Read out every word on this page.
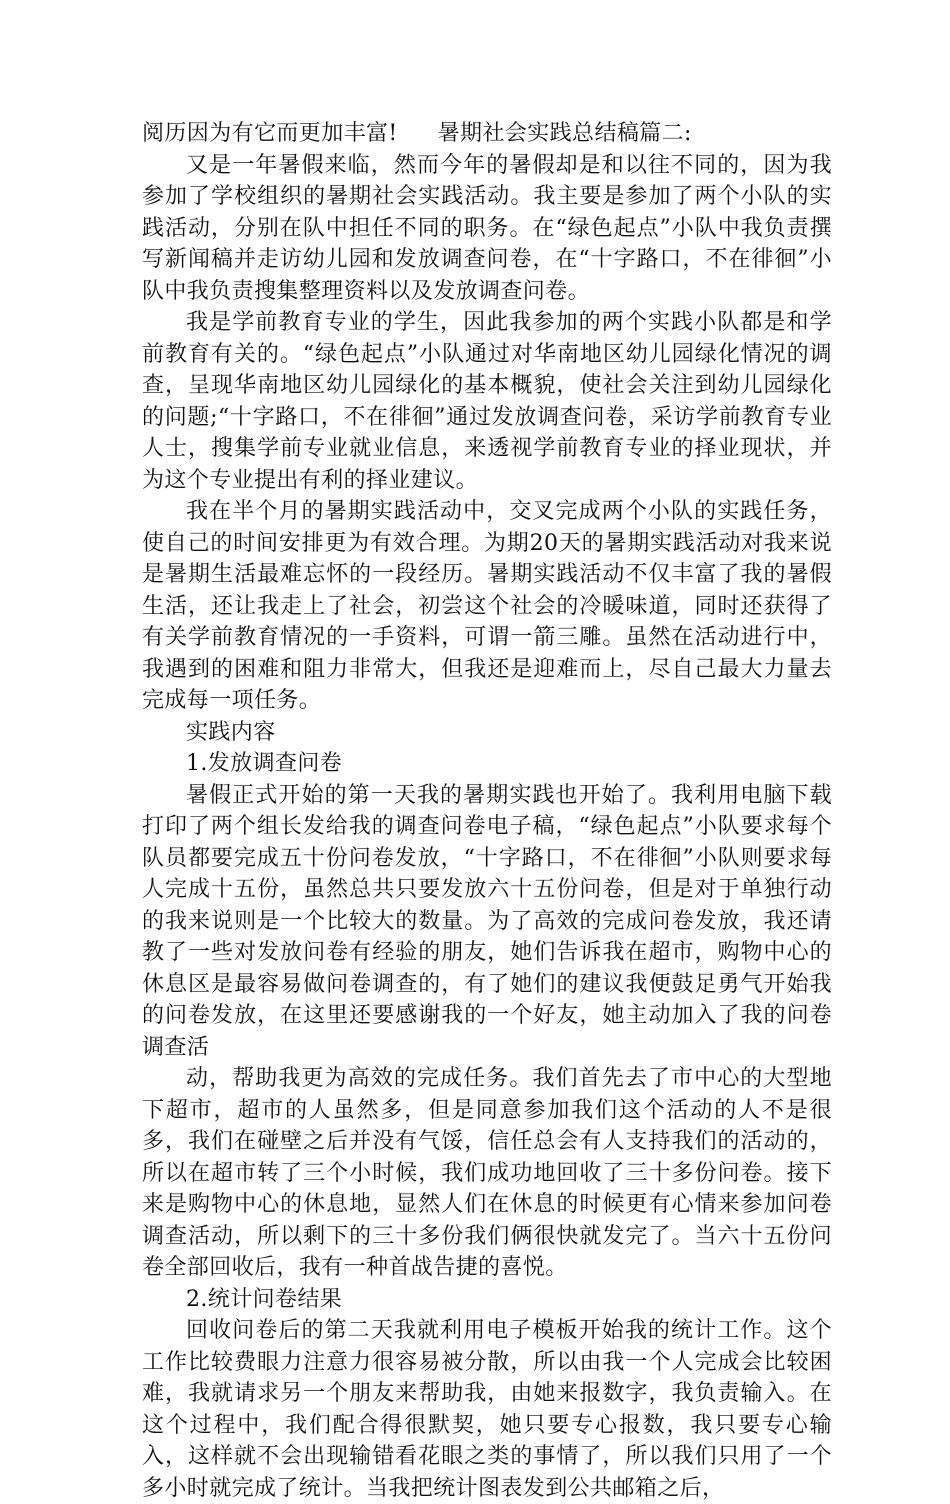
阅历因为有它而更加丰富! 暑期社会实践总结稿篇二:

又是一年暑假来临，然而今年的暑假却是和以往不同的，因为我参加了学校组织的暑期社会实践活动。我主要是参加了两个小队的实践活动，分别在队中担任不同的职务。在“绿色起点”小队中我负责撰写新闻稿并走访幼儿园和发放调查问卷，在“十字路口，不在徘徊”小队中我负责搜集整理资料以及发放调查问卷。

我是学前教育专业的学生，因此我参加的两个实践小队都是和学前教育有关的。“绿色起点”小队通过对华南地区幼儿园绿化情况的调查，呈现华南地区幼儿园绿化的基本概貌，使社会关注到幼儿园绿化的问题;“十字路口，不在徘徊”通过发放调查问卷，采访学前教育专业人士，搜集学前专业就业信息，来透视学前教育专业的择业现状，并为这个专业提出有利的择业建议。

我在半个月的暑期实践活动中，交叉完成两个小队的实践任务，使自己的时间安排更为有效合理。为期20天的暑期实践活动对我来说是暑期生活最难忘怀的一段经历。暑期实践活动不仅丰富了我的暑假生活，还让我走上了社会，初尝这个社会的冷暖味道，同时还获得了有关学前教育情况的一手资料，可谓一箭三雕。虽然在活动进行中，我遇到的困难和阻力非常大，但我还是迎难而上，尽自己最大力量去完成每一项任务。

实践内容

1.发放调查问卷

暑假正式开始的第一天我的暑期实践也开始了。我利用电脑下载打印了两个组长发给我的调查问卷电子稿，“绿色起点”小队要求每个队员都要完成五十份问卷发放，“十字路口，不在徘徊”小队则要求每人完成十五份，虽然总共只要发放六十五份问卷，但是对于单独行动的我来说则是一个比较大的数量。为了高效的完成问卷发放，我还请教了一些对发放问卷有经验的朋友，她们告诉我在超市，购物中心的休息区是最容易做问卷调查的，有了她们的建议我便鼓足勇气开始我的问卷发放，在这里还要感谢我的一个好友，她主动加入了我的问卷调查活

动，帮助我更为高效的完成任务。我们首先去了市中心的大型地下超市，超市的人虽然多，但是同意参加我们这个活动的人不是很多，我们在碰壁之后并没有气馁，信任总会有人支持我们的活动的，所以在超市转了三个小时候，我们成功地回收了三十多份问卷。接下来是购物中心的休息地，显然人们在休息的时候更有心情来参加问卷调查活动，所以剩下的三十多份我们俩很快就发完了。当六十五份问卷全部回收后，我有一种首战告捷的喜悦。

2.统计问卷结果

回收问卷后的第二天我就利用电子模板开始我的统计工作。这个工作比较费眼力注意力很容易被分散，所以由我一个人完成会比较困难，我就请求另一个朋友来帮助我，由她来报数字，我负责输入。在这个过程中，我们配合得很默契，她只要专心报数，我只要专心输入，这样就不会出现输错看花眼之类的事情了，所以我们只用了一个多小时就完成了统计。当我把统计图表发到公共邮箱之后，
